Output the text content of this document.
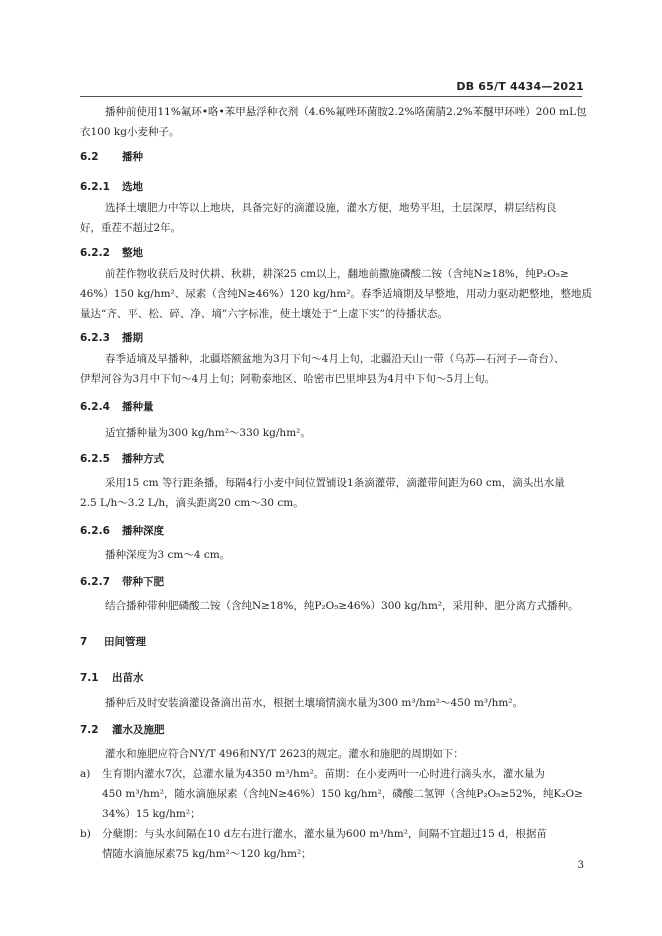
DB 65/T 4434—2021
播种前使用11%氟环•咯•苯甲悬浮种衣剂（4.6%氟唑环菌胺2.2%咯菌腈2.2%苯醚甲环唑）200 mL包
衣100 kg小麦种子。
6.2 播种
6.2.1 选地
选择土壤肥力中等以上地块，具备完好的滴灌设施，灌水方便，地势平坦，土层深厚，耕层结构良
好，重茬不超过2年。
6.2.2 整地
前茬作物收获后及时伏耕、秋耕，耕深25 cm以上，翻地前撒施磷酸二铵（含纯N≥18%，纯P₂O₅≥
46%）150 kg/hm²、尿素（含纯N≥46%）120 kg/hm²。春季适墒期及早整地，用动力驱动耙整地，整地质
量达“齐、平、松、碎、净、墒”六字标准，使土壤处于“上虚下实”的待播状态。
6.2.3 播期
春季适墒及早播种，北疆塔额盆地为3月下旬～4月上旬，北疆沿天山一带（乌苏—石河子—奇台）、
伊犁河谷为3月中下旬～4月上旬；阿勒泰地区、哈密市巴里坤县为4月中下旬～5月上旬。
6.2.4 播种量
适宜播种量为300 kg/hm²～330 kg/hm²。
6.2.5 播种方式
采用15 cm 等行距条播，每隔4行小麦中间位置铺设1条滴灌带，滴灌带间距为60 cm，滴头出水量
2.5 L/h～3.2 L/h，滴头距离20 cm～30 cm。
6.2.6 播种深度
播种深度为3 cm～4 cm。
6.2.7 带种下肥
结合播种带种肥磷酸二铵（含纯N≥18%，纯P₂O₅≥46%）300 kg/hm²，采用种、肥分离方式播种。
7 田间管理
7.1 出苗水
播种后及时安装滴灌设备滴出苗水，根据土壤墒情滴水量为300 m³/hm²～450 m³/hm²。
7.2 灌水及施肥
灌水和施肥应符合NY/T 496和NY/T 2623的规定。灌水和施肥的周期如下：
a)	生育期内灌水7次，总灌水量为4350 m³/hm²。苗期：在小麦两叶一心时进行滴头水，灌水量为
450 m³/hm²，随水滴施尿素（含纯N≥46%）150 kg/hm²，磷酸二氢钾（含纯P₂O₅≥52%，纯K₂O≥
34%）15 kg/hm²；
b)	分蘖期：与头水间隔在10 d左右进行灌水，灌水量为600 m³/hm²，间隔不宜超过15 d，根据苗
情随水滴施尿素75 kg/hm²～120 kg/hm²；
3
